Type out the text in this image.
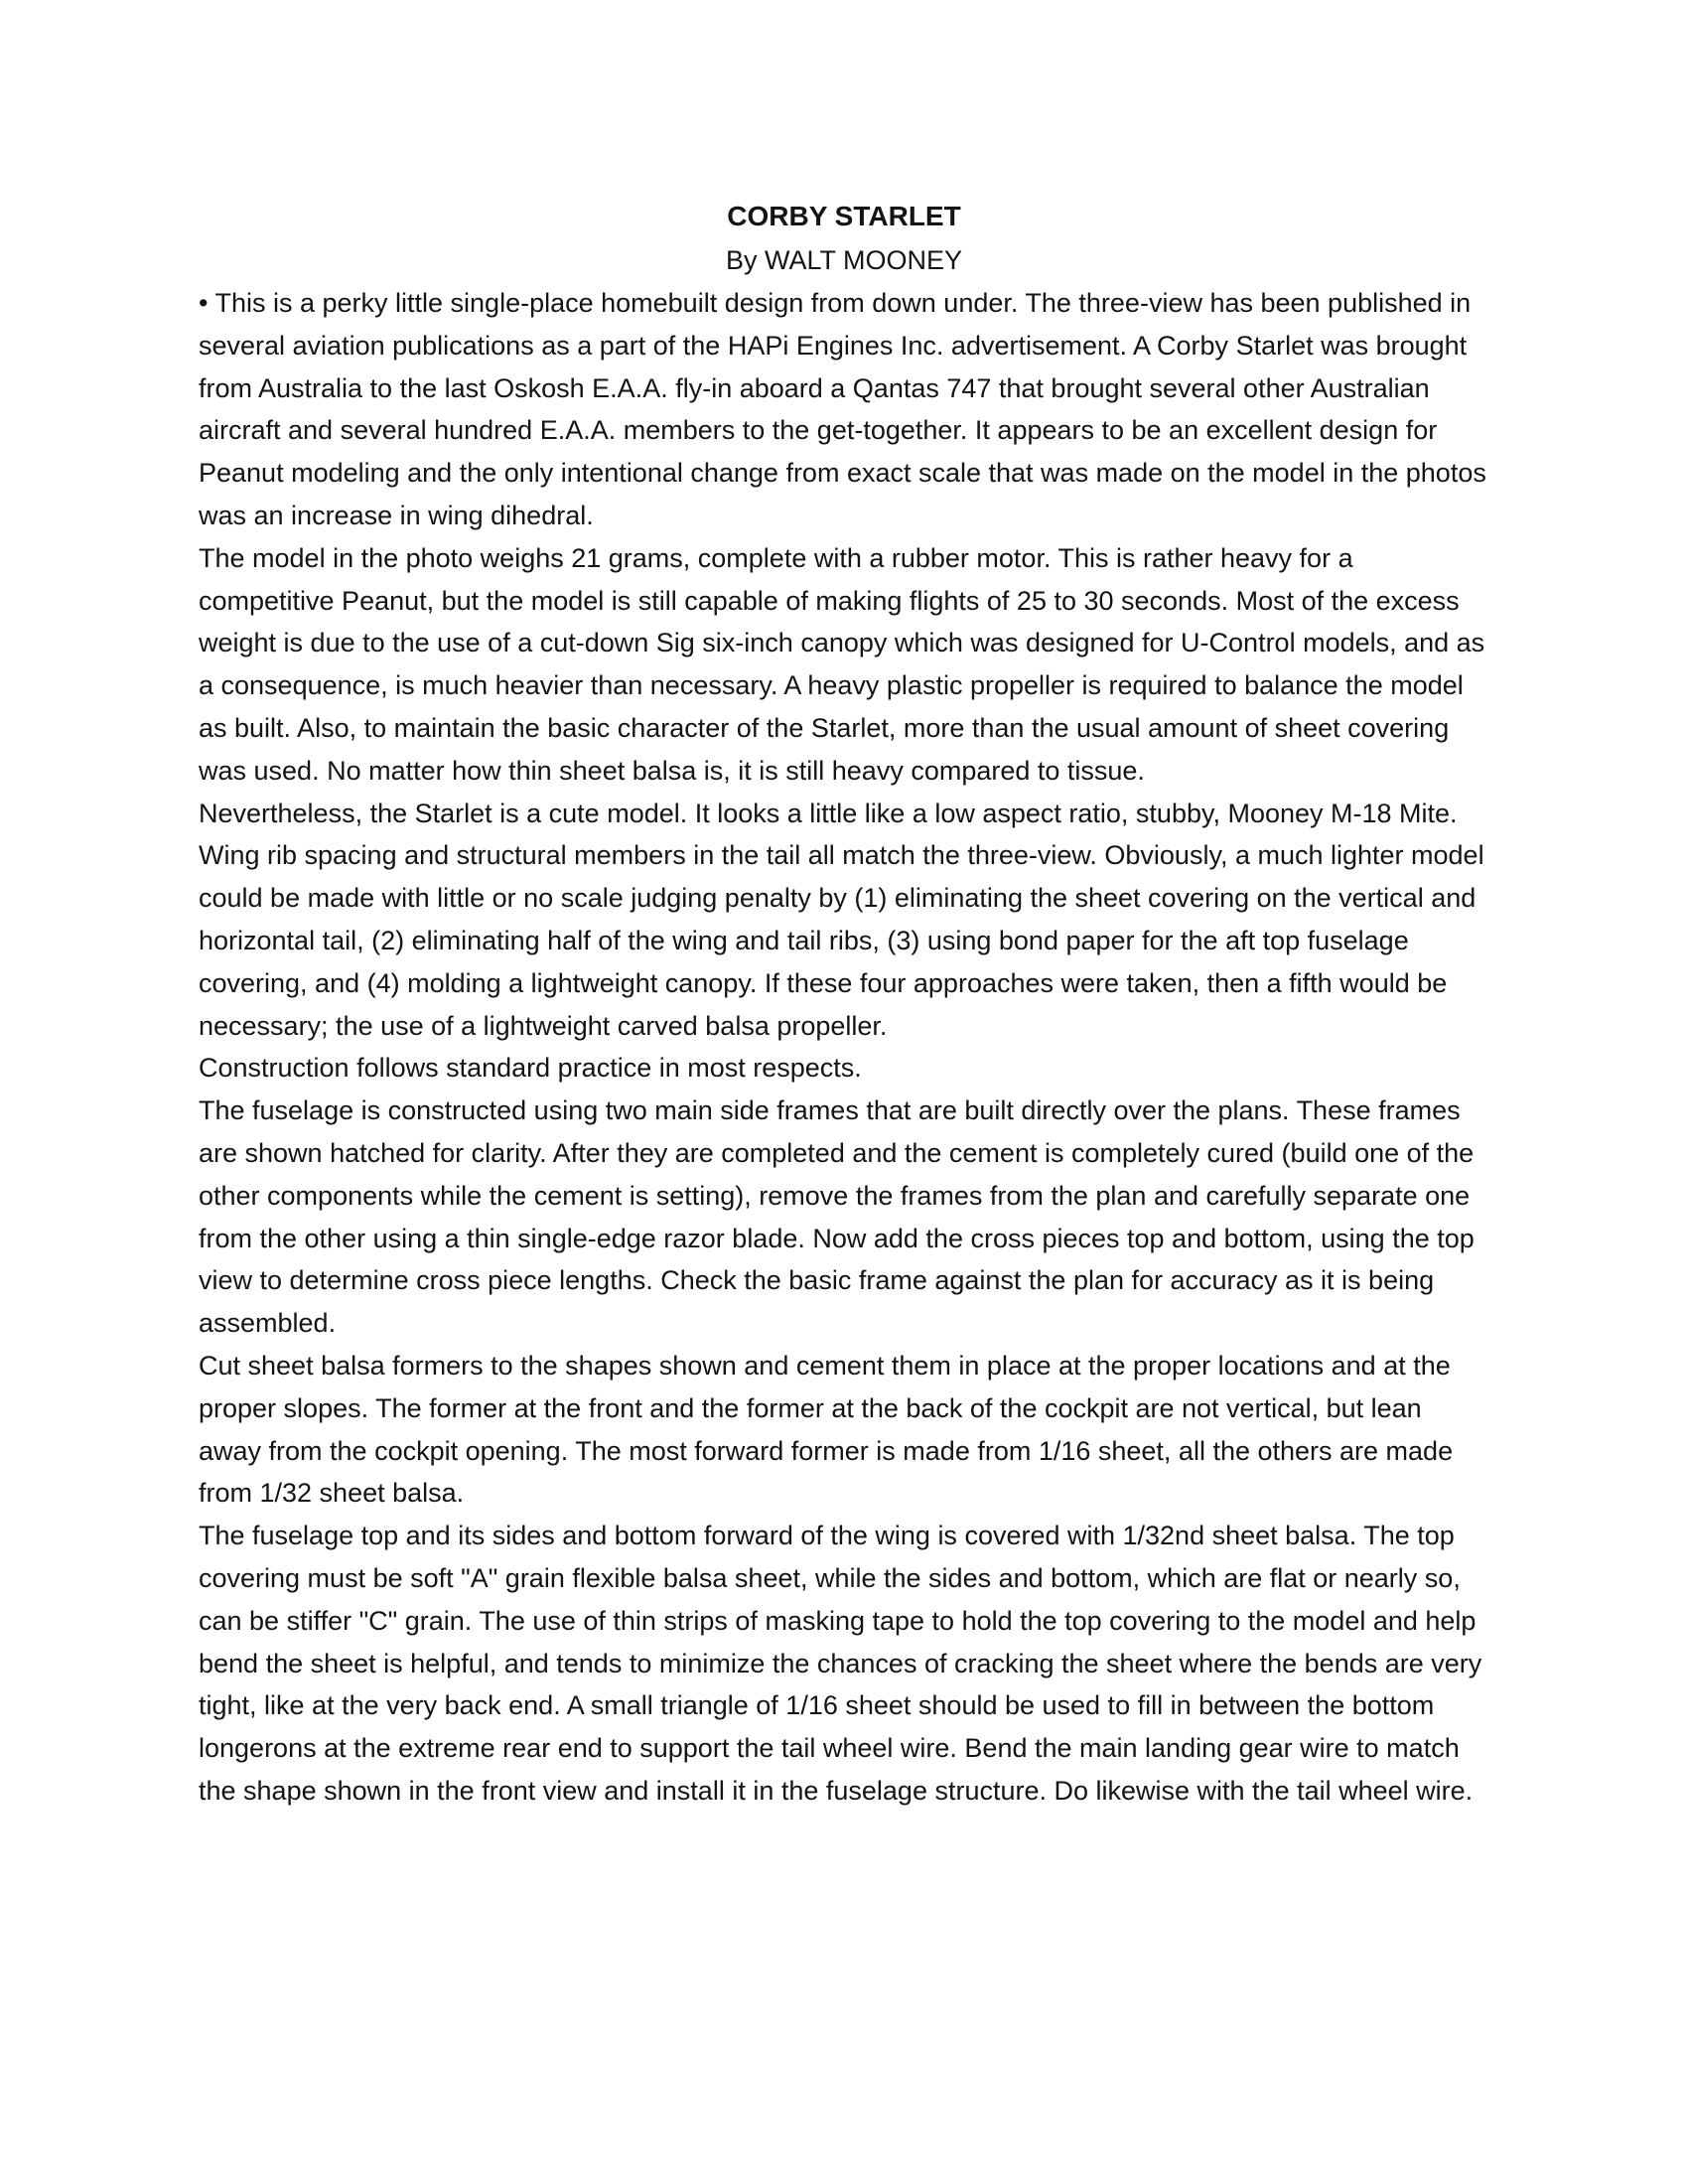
CORBY STARLET
By WALT MOONEY

• This is a perky little single-place homebuilt design from down under. The three-view has been published in several aviation publications as a part of the HAPi Engines Inc. advertisement. A Corby Starlet was brought from Australia to the last Oskosh E.A.A. fly-in aboard a Qantas 747 that brought several other Australian aircraft and several hundred E.A.A. members to the get-together. It appears to be an excellent design for Peanut modeling and the only intentional change from exact scale that was made on the model in the photos was an increase in wing dihedral.

The model in the photo weighs 21 grams, complete with a rubber motor. This is rather heavy for a competitive Peanut, but the model is still capable of making flights of 25 to 30 seconds. Most of the excess weight is due to the use of a cut-down Sig six-inch canopy which was designed for U-Control models, and as a consequence, is much heavier than necessary. A heavy plastic propeller is required to balance the model as built. Also, to maintain the basic character of the Starlet, more than the usual amount of sheet covering was used. No matter how thin sheet balsa is, it is still heavy compared to tissue.

Nevertheless, the Starlet is a cute model. It looks a little like a low aspect ratio, stubby, Mooney M-18 Mite. Wing rib spacing and structural members in the tail all match the three-view. Obviously, a much lighter model could be made with little or no scale judging penalty by (1) eliminating the sheet covering on the vertical and horizontal tail, (2) eliminating half of the wing and tail ribs, (3) using bond paper for the aft top fuselage covering, and (4) molding a lightweight canopy. If these four approaches were taken, then a fifth would be necessary; the use of a lightweight carved balsa propeller.

Construction follows standard practice in most respects.

The fuselage is constructed using two main side frames that are built directly over the plans. These frames are shown hatched for clarity. After they are completed and the cement is completely cured (build one of the other components while the cement is setting), remove the frames from the plan and carefully separate one from the other using a thin single-edge razor blade. Now add the cross pieces top and bottom, using the top view to determine cross piece lengths. Check the basic frame against the plan for accuracy as it is being assembled.

Cut sheet balsa formers to the shapes shown and cement them in place at the proper locations and at the proper slopes. The former at the front and the former at the back of the cockpit are not vertical, but lean away from the cockpit opening. The most forward former is made from 1/16 sheet, all the others are made from 1/32 sheet balsa.

The fuselage top and its sides and bottom forward of the wing is covered with 1/32nd sheet balsa. The top covering must be soft "A" grain flexible balsa sheet, while the sides and bottom, which are flat or nearly so, can be stiffer "C" grain. The use of thin strips of masking tape to hold the top covering to the model and help bend the sheet is helpful, and tends to minimize the chances of cracking the sheet where the bends are very tight, like at the very back end. A small triangle of 1/16 sheet should be used to fill in between the bottom longerons at the extreme rear end to support the tail wheel wire. Bend the main landing gear wire to match the shape shown in the front view and install it in the fuselage structure. Do likewise with the tail wheel wire.
